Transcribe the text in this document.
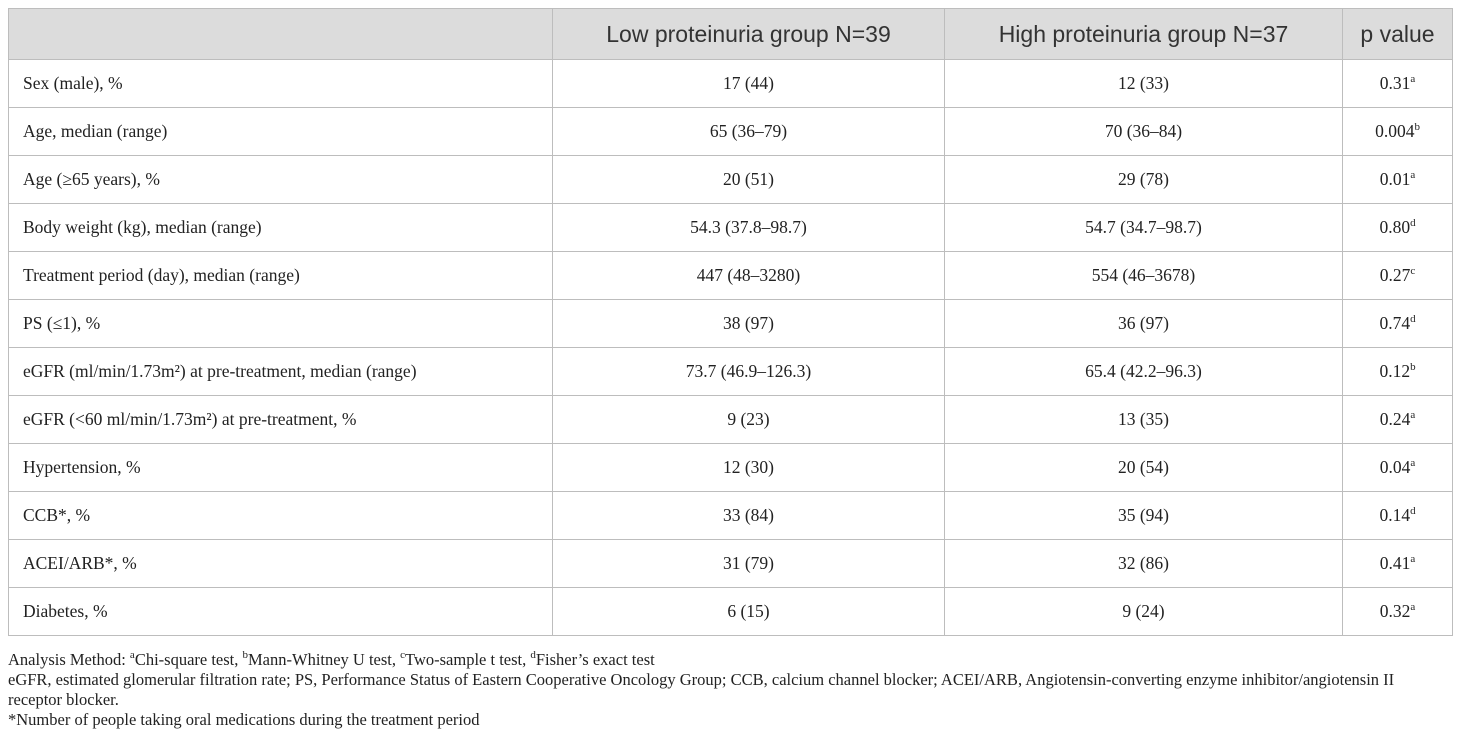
	Low proteinuria group N=39	High proteinuria group N=37	p value
Sex (male), %	17 (44)	12 (33)	0.31$^a$
Age, median (range)	65 (36–79)	70 (36–84)	0.004$^b$
Age (≥65 years), %	20 (51)	29 (78)	0.01$^a$
Body weight (kg), median (range)	54.3 (37.8–98.7)	54.7 (34.7–98.7)	0.80$^d$
Treatment period (day), median (range)	447 (48–3280)	554 (46–3678)	0.27$^c$
PS (≤1), %	38 (97)	36 (97)	0.74$^d$
eGFR (ml/min/1.73m²) at pre-treatment, median (range)	73.7 (46.9–126.3)	65.4 (42.2–96.3)	0.12$^b$
eGFR (<60 ml/min/1.73m²) at pre-treatment, %	9 (23)	13 (35)	0.24$^a$
Hypertension, %	12 (30)	20 (54)	0.04$^a$
CCB*, %	33 (84)	35 (94)	0.14$^d$
ACEI/ARB*, %	31 (79)	32 (86)	0.41$^a$
Diabetes, %	6 (15)	9 (24)	0.32$^a$
Analysis Method: $^a$Chi-square test, $^b$Mann-Whitney U test, $^c$Two-sample t test, $^d$Fisher’s exact test
eGFR, estimated glomerular filtration rate; PS, Performance Status of Eastern Cooperative Oncology Group; CCB, calcium channel blocker; ACEI/ARB, Angiotensin-converting enzyme inhibitor/angiotensin II receptor blocker.
*Number of people taking oral medications during the treatment period
